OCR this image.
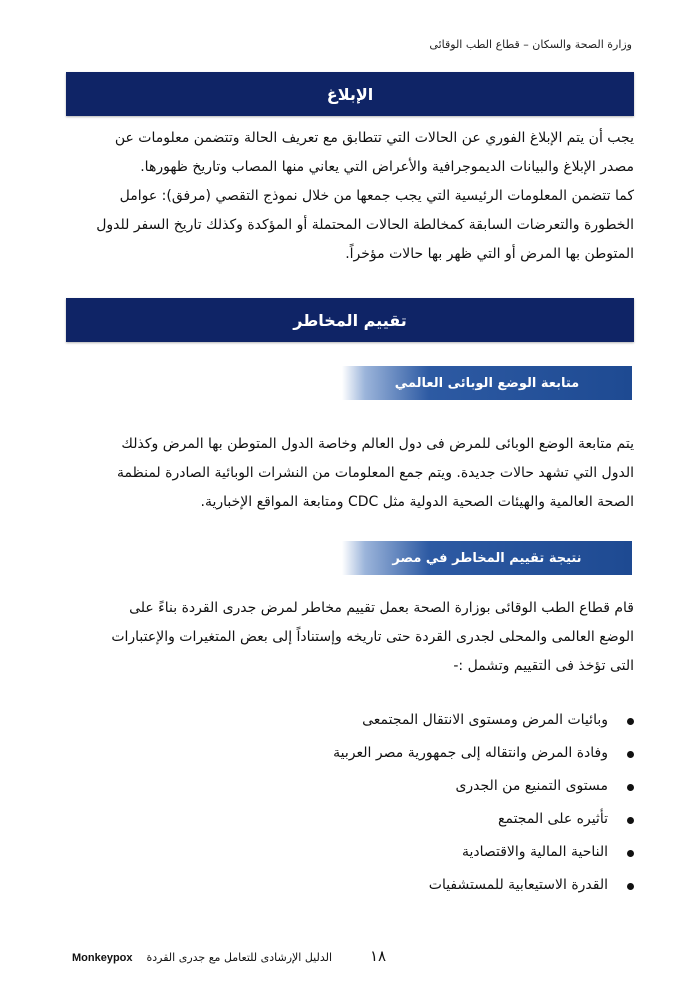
وزارة الصحة والسكان – قطاع الطب الوقائى
الإبلاغ

يجب أن يتم الإبلاغ الفوري عن الحالات التي تتطابق مع تعريف الحالة وتتضمن معلومات عن

مصدر الإبلاغ والبيانات الديموجرافية والأعراض التي يعاني منها المصاب وتاريخ ظهورها.

كما تتضمن المعلومات الرئيسية التي يجب جمعها من خلال نموذج التقصي (مرفق): عوامل

الخطورة والتعرضات السابقة كمخالطة الحالات المحتملة أو المؤكدة وكذلك تاريخ السفر للدول

المتوطن بها المرض أو التي ظهر بها حالات مؤخراً.

تقييم المخاطر
متابعة الوضع الوبائى العالمي

يتم متابعة الوضع الوبائى للمرض فى دول العالم وخاصة الدول المتوطن بها المرض وكذلك

الدول التي تشهد حالات جديدة. ويتم جمع المعلومات من النشرات الوبائية الصادرة لمنظمة

الصحة العالمية والهيئات الصحية الدولية مثل CDC ومتابعة المواقع الإخبارية.

نتيجة تقييم المخاطر في مصر

قام قطاع الطب الوقائى بوزارة الصحة بعمل تقييم مخاطر لمرض جدرى القردة بناءً على

الوضع العالمى والمحلى لجدرى القردة حتى تاريخه وإستناداً إلى بعض المتغيرات والإعتبارات

التى تؤخذ فى التقييم وتشمل :-

وبائيات المرض ومستوى الانتقال المجتمعى
وفادة المرض وانتقاله إلى جمهورية مصر العربية
مستوى التمنيع من الجدرى
تأثيره على المجتمع
الناحية المالية والاقتصادية
القدرة الاستيعابية للمستشفيات
Monkeypox الدليل الإرشادى للتعامل مع جدرى القردة	١٨
